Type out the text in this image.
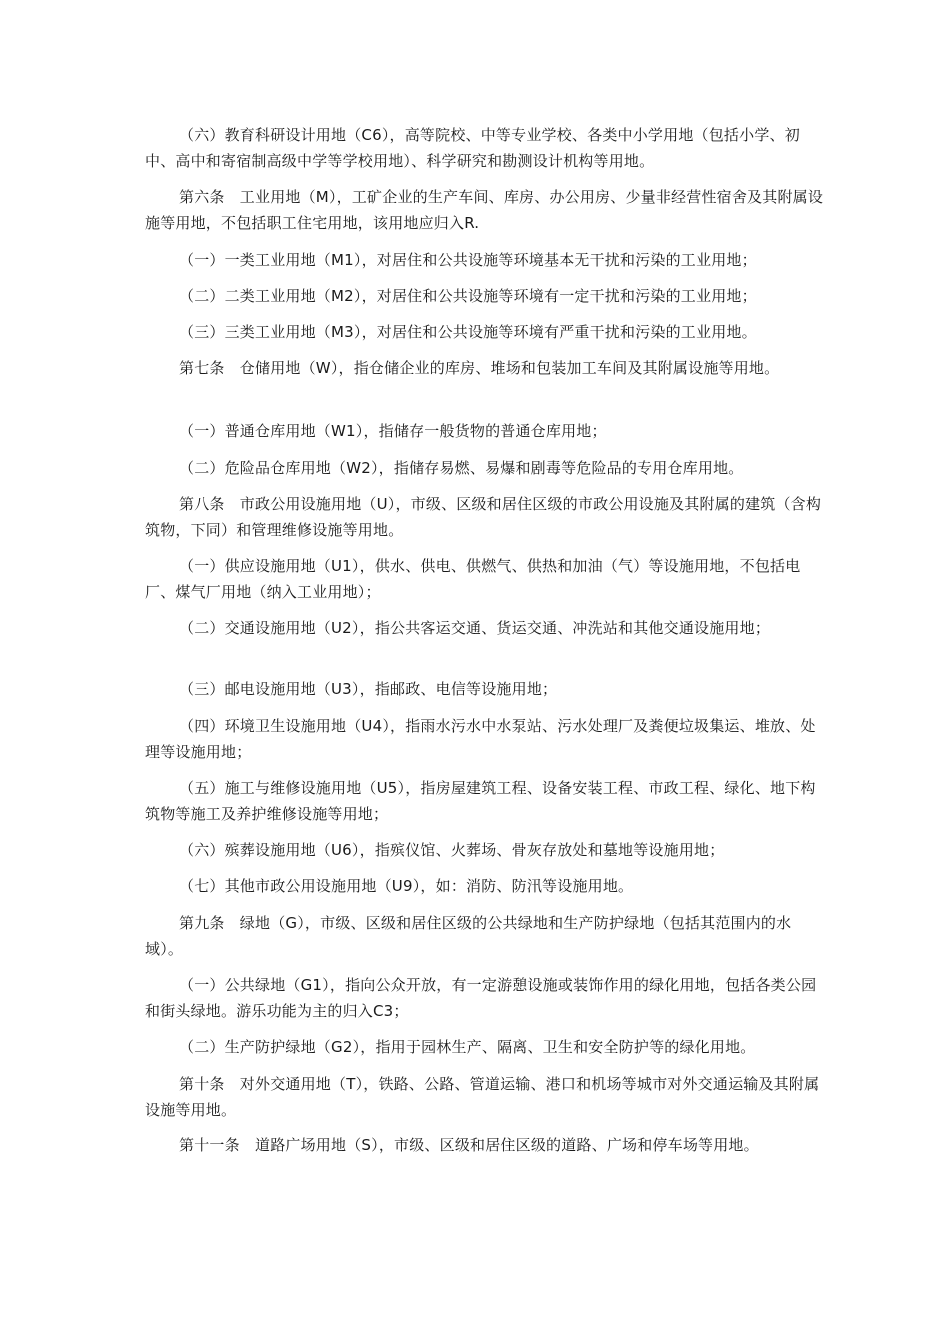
（六）教育科研设计用地（C6），高等院校、中等专业学校、各类中小学用地（包括小学、初中、高中和寄宿制高级中学等学校用地）、科学研究和勘测设计机构等用地。

第六条　工业用地（M），工矿企业的生产车间、库房、办公用房、少量非经营性宿舍及其附属设施等用地，不包括职工住宅用地，该用地应归入R.

（一）一类工业用地（M1），对居住和公共设施等环境基本无干扰和污染的工业用地；

（二）二类工业用地（M2），对居住和公共设施等环境有一定干扰和污染的工业用地；

（三）三类工业用地（M3），对居住和公共设施等环境有严重干扰和污染的工业用地。

第七条　仓储用地（W），指仓储企业的库房、堆场和包装加工车间及其附属设施等用地。

（一）普通仓库用地（W1），指储存一般货物的普通仓库用地；

（二）危险品仓库用地（W2），指储存易燃、易爆和剧毒等危险品的专用仓库用地。

第八条　市政公用设施用地（U），市级、区级和居住区级的市政公用设施及其附属的建筑（含构筑物，下同）和管理维修设施等用地。

（一）供应设施用地（U1），供水、供电、供燃气、供热和加油（气）等设施用地，不包括电厂、煤气厂用地（纳入工业用地）；

（二）交通设施用地（U2），指公共客运交通、货运交通、冲洗站和其他交通设施用地；

（三）邮电设施用地（U3），指邮政、电信等设施用地；

（四）环境卫生设施用地（U4），指雨水污水中水泵站、污水处理厂及粪便垃圾集运、堆放、处理等设施用地；

（五）施工与维修设施用地（U5），指房屋建筑工程、设备安装工程、市政工程、绿化、地下构筑物等施工及养护维修设施等用地；

（六）殡葬设施用地（U6），指殡仪馆、火葬场、骨灰存放处和墓地等设施用地；

（七）其他市政公用设施用地（U9），如：消防、防汛等设施用地。

第九条　绿地（G），市级、区级和居住区级的公共绿地和生产防护绿地（包括其范围内的水域）。

（一）公共绿地（G1），指向公众开放，有一定游憩设施或装饰作用的绿化用地，包括各类公园和街头绿地。游乐功能为主的归入C3；

（二）生产防护绿地（G2），指用于园林生产、隔离、卫生和安全防护等的绿化用地。

第十条　对外交通用地（T），铁路、公路、管道运输、港口和机场等城市对外交通运输及其附属设施等用地。

第十一条　道路广场用地（S），市级、区级和居住区级的道路、广场和停车场等用地。
